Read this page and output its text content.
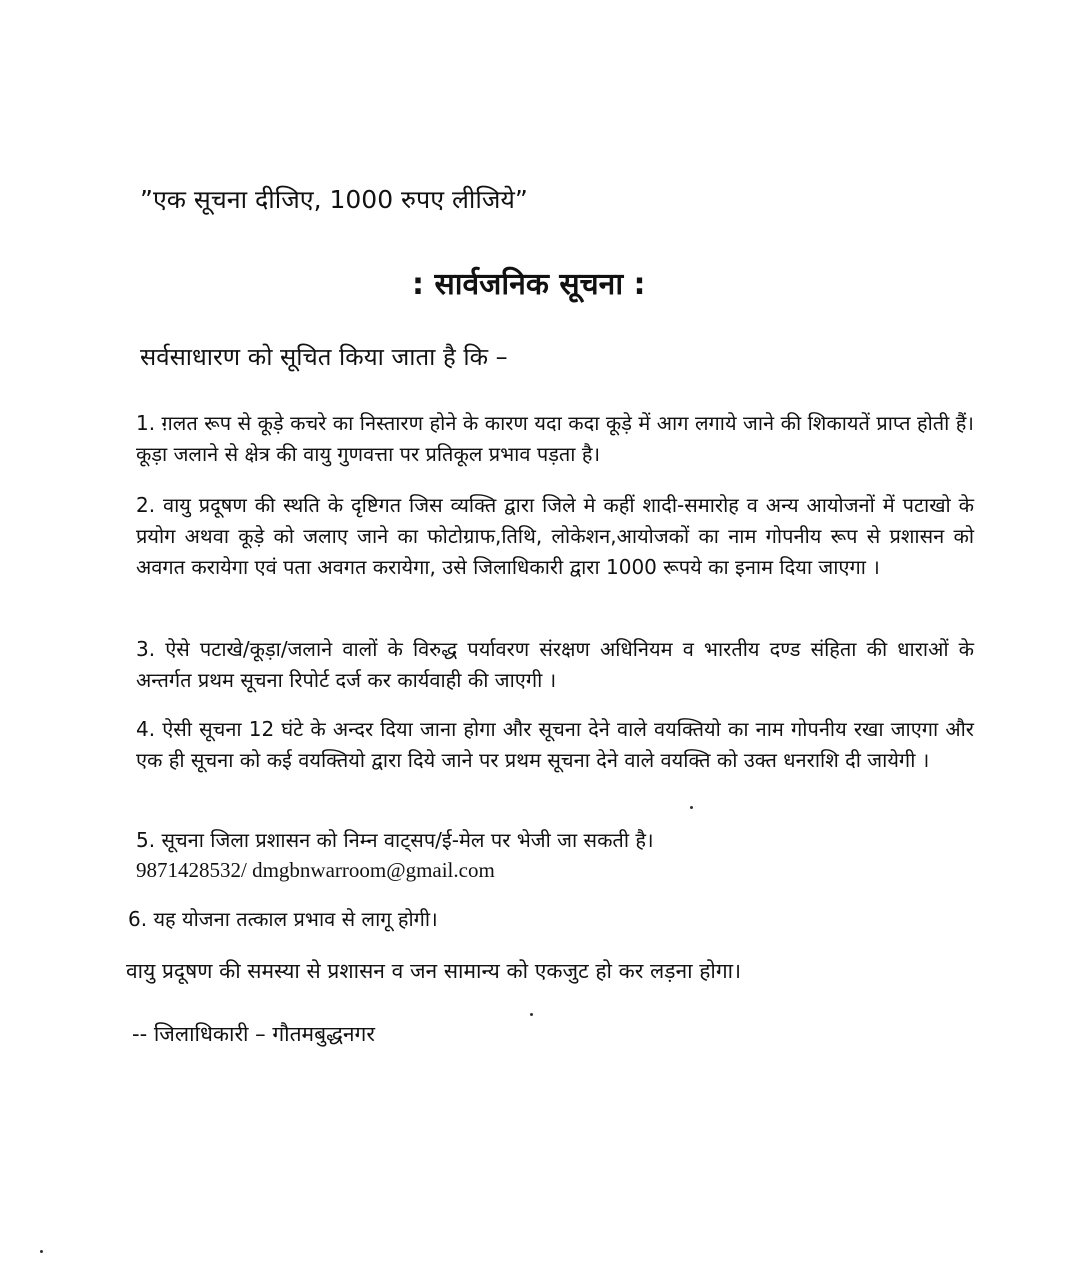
”एक सूचना दीजिए, 1000 रुपए लीजिये”
: सार्वजनिक सूचना :
सर्वसाधारण को सूचित किया जाता है कि –
1. ग़लत रूप से कूड़े कचरे का निस्तारण होने के कारण यदा कदा कूड़े में आग लगाये जाने की शिकायतें प्राप्त होती हैं। कूड़ा जलाने से क्षेत्र की वायु गुणवत्ता पर प्रतिकूल प्रभाव पड़ता है।
2. वायु प्रदूषण की स्थति के दृष्टिगत जिस व्यक्ति द्वारा जिले मे कहीं शादी-समारोह व अन्य आयोजनों में पटाखो के प्रयोग अथवा कूड़े को जलाए जाने का फोटोग्राफ,तिथि, लोकेशन,आयोजकों का नाम गोपनीय रूप से प्रशासन को अवगत करायेगा एवं पता अवगत करायेगा, उसे जिलाधिकारी द्वारा 1000 रूपये का इनाम दिया जाएगा ।
3. ऐसे पटाखे/कूड़ा/जलाने वालों के विरुद्ध पर्यावरण संरक्षण अधिनियम व भारतीय दण्ड संहिता की धाराओं के अन्तर्गत प्रथम सूचना रिपोर्ट दर्ज कर कार्यवाही की जाएगी ।
4. ऐसी सूचना 12 घंटे के अन्दर दिया जाना होगा और सूचना देने वाले वयक्तियो का नाम गोपनीय रखा जाएगा और एक ही सूचना को कई वयक्तियो द्वारा दिये जाने पर प्रथम सूचना देने वाले वयक्ति को उक्त धनराशि दी जायेगी ।
5. सूचना जिला प्रशासन को निम्न वाट्सप/ई-मेल पर भेजी जा सकती है।
9871428532/ dmgbnwarroom@gmail.com
6. यह योजना तत्काल प्रभाव से लागू होगी।
वायु प्रदूषण की समस्या से प्रशासन व जन सामान्य को एकजुट हो कर लड़ना होगा।
-- जिलाधिकारी – गौतमबुद्धनगर
